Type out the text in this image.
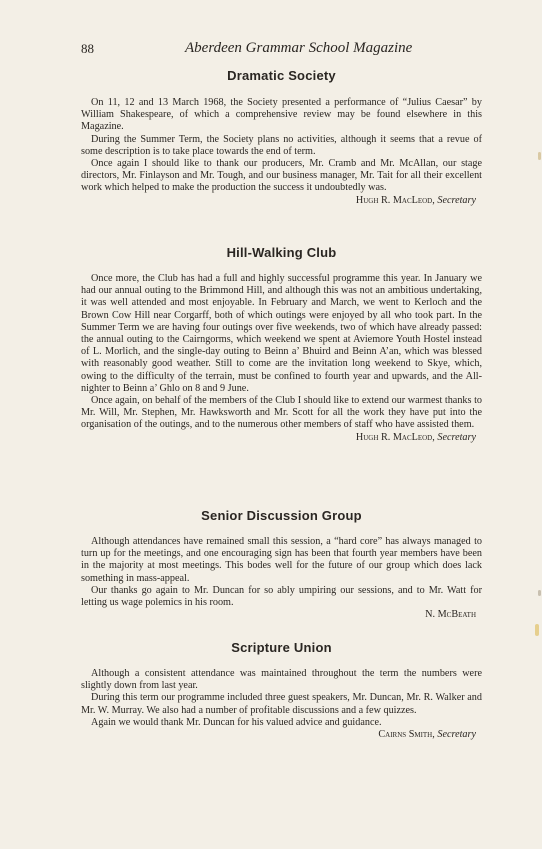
88	Aberdeen Grammar School Magazine
Dramatic Society

On 11, 12 and 13 March 1968, the Society presented a performance of “Julius Caesar” by William Shakespeare, of which a comprehensive review may be found elsewhere in this Magazine.

During the Summer Term, the Society plans no activities, although it seems that a revue of some description is to take place towards the end of term.

Once again I should like to thank our producers, Mr. Cramb and Mr. McAllan, our stage directors, Mr. Finlayson and Mr. Tough, and our business manager, Mr. Tait for all their excellent work which helped to make the production the success it undoubtedly was.

Hugh R. MacLeod, Secretary
Hill-Walking Club

Once more, the Club has had a full and highly successful programme this year. In January we had our annual outing to the Brimmond Hill, and although this was not an ambitious undertaking, it was well attended and most enjoyable. In February and March, we went to Kerloch and the Brown Cow Hill near Corgarff, both of which outings were enjoyed by all who took part. In the Summer Term we are having four outings over five weekends, two of which have already passed: the annual outing to the Cairngorms, which weekend we spent at Aviemore Youth Hostel instead of L. Morlich, and the single-day outing to Beinn a’ Bhuird and Beinn A’an, which was blessed with reasonably good weather. Still to come are the invitation long weekend to Skye, which, owing to the difficulty of the terrain, must be confined to fourth year and upwards, and the All-nighter to Beinn a’ Ghlo on 8 and 9 June.

Once again, on behalf of the members of the Club I should like to extend our warmest thanks to Mr. Will, Mr. Stephen, Mr. Hawksworth and Mr. Scott for all the work they have put into the organisation of the outings, and to the numerous other members of staff who have assisted them.

Hugh R. MacLeod, Secretary
Senior Discussion Group

Although attendances have remained small this session, a “hard core” has always managed to turn up for the meetings, and one encouraging sign has been that fourth year members have been in the majority at most meetings. This bodes well for the future of our group which does lack something in mass-appeal.

Our thanks go again to Mr. Duncan for so ably umpiring our sessions, and to Mr. Watt for letting us wage polemics in his room.

N. McBeath
Scripture Union

Although a consistent attendance was maintained throughout the term the numbers were slightly down from last year.

During this term our programme included three guest speakers, Mr. Duncan, Mr. R. Walker and Mr. W. Murray. We also had a number of profitable discussions and a few quizzes.

Again we would thank Mr. Duncan for his valued advice and guidance.

Cairns Smith, Secretary
